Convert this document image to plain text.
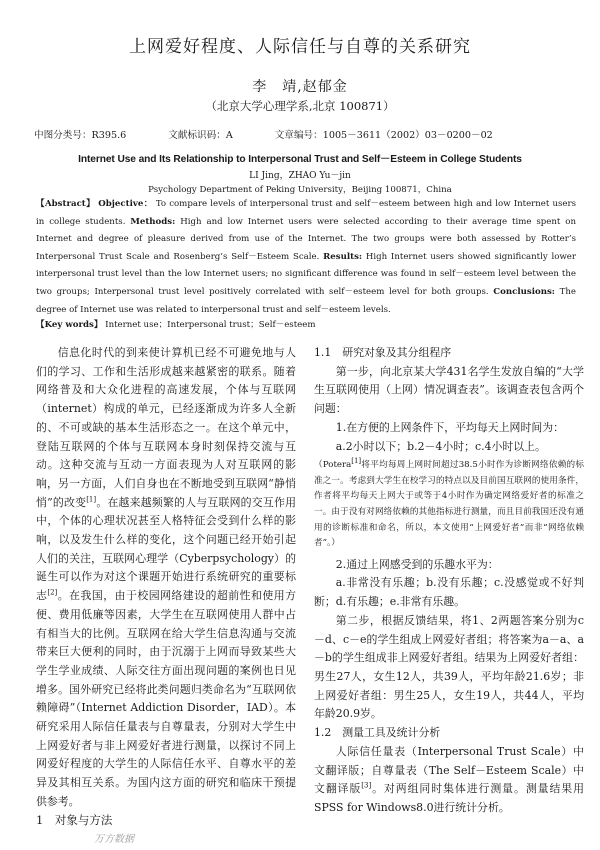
上网爱好程度、人际信任与自尊的关系研究
李　靖,赵郁金
（北京大学心理学系,北京 100871）
中图分类号：R395.6	文献标识码：A	文章编号：1005－3611（2002）03－0200－02
Internet Use and Its Relationship to Interpersonal Trust and Self－Esteem in College Students
LI Jing，ZHAO Yu－jin
Psychology Department of Peking University，Beijing 100871，China
【Abstract】 Objective： To compare levels of interpersonal trust and self－esteem between high and low Internet users in college students. Methods: High and low Internet users were selected according to their average time spent on Internet and degree of pleasure derived from use of the Internet. The two groups were both assessed by Rotter’s Interpersonal Trust Scale and Rosenberg’s Self－Esteem Scale. Results: High Internet users showed significantly lower interpersonal trust level than the low Internet users; no significant difference was found in self－esteem level between the two groups; Interpersonal trust level positively correlated with self－esteem level for both groups. Conclusions: The degree of Internet use was related to interpersonal trust and self－esteem levels.
【Key words】 Internet use；Interpersonal trust；Self－esteem

信息化时代的到来使计算机已经不可避免地与人们的学习、工作和生活形成越来越紧密的联系。随着网络普及和大众化进程的高速发展，个体与互联网（internet）构成的单元，已经逐渐成为许多人全新的、不可或缺的基本生活形态之一。在这个单元中，登陆互联网的个体与互联网本身时刻保持交流与互动。这种交流与互动一方面表现为人对互联网的影响，另一方面，人们自身也在不断地受到互联网“静悄悄”的改变[1]。在越来越频繁的人与互联网的交互作用中，个体的心理状况甚至人格特征会受到什么样的影响，以及发生什么样的变化，这个问题已经开始引起人们的关注，互联网心理学（Cyberpsychology）的诞生可以作为对这个课题开始进行系统研究的重要标志[2]。在我国，由于校园网络建设的超前性和使用方便、费用低廉等因素，大学生在互联网使用人群中占有相当大的比例。互联网在给大学生信息沟通与交流带来巨大便利的同时，由于沉溺于上网而导致某些大学生学业成绩、人际交往方面出现问题的案例也日见增多。国外研究已经将此类问题归类命名为“互联网依赖障碍”（Internet Addiction Disorder，IAD）。本研究采用人际信任量表与自尊量表，分别对大学生中上网爱好者与非上网爱好者进行测量，以探讨不同上网爱好程度的大学生的人际信任水平、自尊水平的差异及其相互关系。为国内这方面的研究和临床干预提供参考。

1　对象与方法
万方数据

1.1　研究对象及其分组程序

第一步，向北京某大学431名学生发放自编的“大学生互联网使用（上网）情况调查表”。该调查表包含两个问题：

1.在方便的上网条件下，平均每天上网时间为：

a.2小时以下；b.2－4小时；c.4小时以上。

（Potera[1]将平均每周上网时间超过38.5小时作为诊断网络依赖的标准之一。考虑到大学生在校学习的特点以及目前国互联网的使用条件，作者将平均每天上网大于或等于4小时作为确定网络爱好者的标准之一。由于没有对网络依赖的其他指标进行测量，而且目前我国还没有通用的诊断标准和命名，所以，本文使用“上网爱好者”而非“网络依赖者”。）

2.通过上网感受到的乐趣水平为：

a.非常没有乐趣；b.没有乐趣；c.没感觉或不好判断；d.有乐趣；e.非常有乐趣。

第二步，根据反馈结果，将1、2两题答案分别为c－d、c－e的学生组成上网爱好者组；将答案为a－a、a－b的学生组成非上网爱好者组。结果为上网爱好者组：男生27人，女生12人，共39人，平均年龄21.6岁；非上网爱好者组：男生25人，女生19人，共44人，平均年龄20.9岁。

1.2　测量工具及统计分析

人际信任量表（Interpersonal Trust Scale）中文翻译版；自尊量表（The Self－Esteem Scale）中文翻译版[3]。对两组同时集体进行测量。测量结果用SPSS for Windows8.0进行统计分析。
